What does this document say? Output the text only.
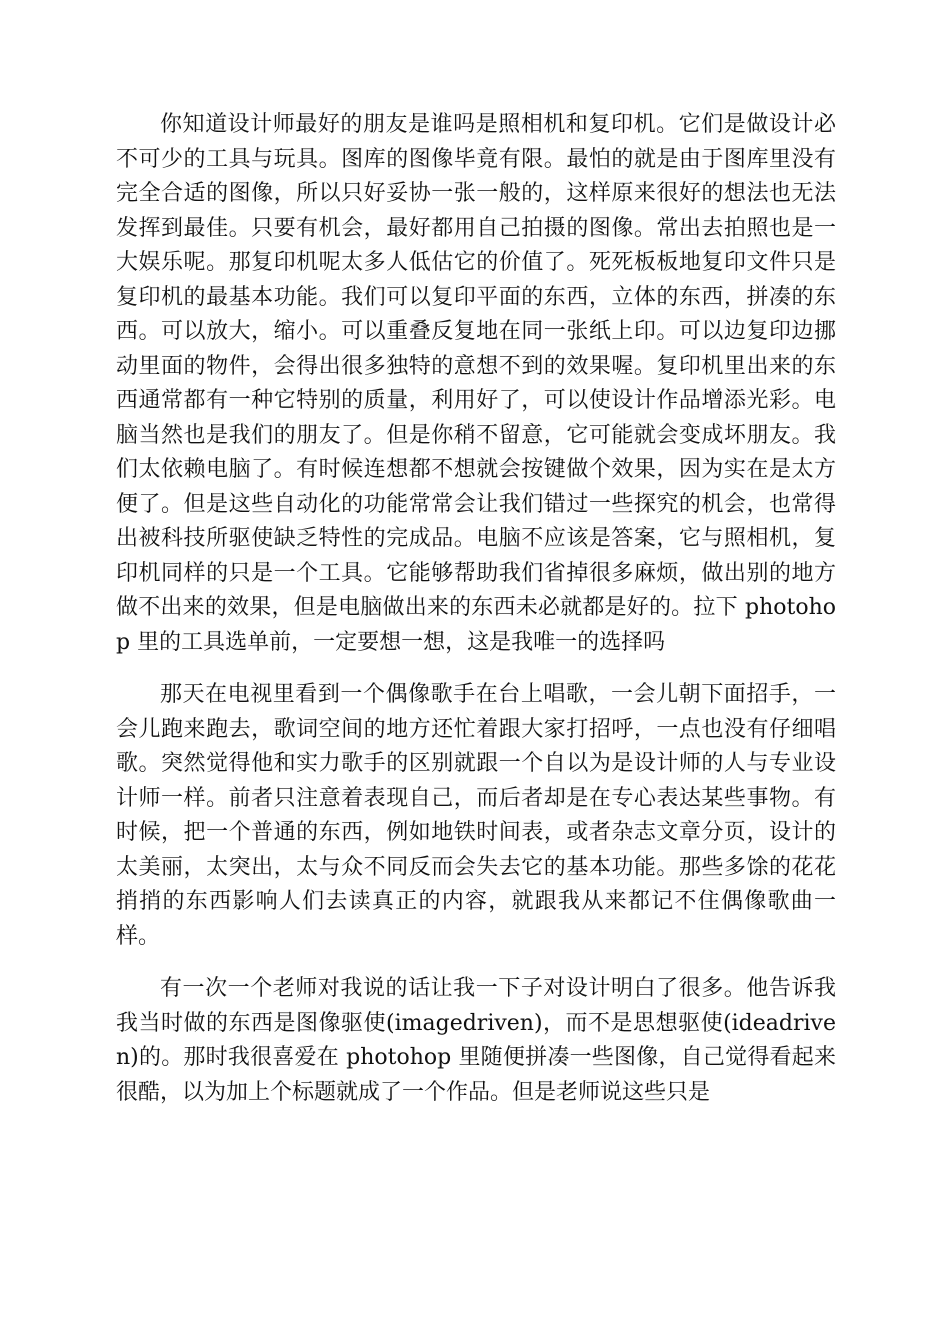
你知道设计师最好的朋友是谁吗是照相机和复印机。它们是做设计必不可少的工具与玩具。图库的图像毕竟有限。最怕的就是由于图库里没有完全合适的图像，所以只好妥协一张一般的，这样原来很好的想法也无法发挥到最佳。只要有机会，最好都用自己拍摄的图像。常出去拍照也是一大娱乐呢。那复印机呢太多人低估它的价值了。死死板板地复印文件只是复印机的最基本功能。我们可以复印平面的东西，立体的东西，拼凑的东西。可以放大，缩小。可以重叠反复地在同一张纸上印。可以边复印边挪动里面的物件，会得出很多独特的意想不到的效果喔。复印机里出来的东西通常都有一种它特别的质量，利用好了，可以使设计作品增添光彩。电脑当然也是我们的朋友了。但是你稍不留意，它可能就会变成坏朋友。我们太依赖电脑了。有时候连想都不想就会按键做个效果，因为实在是太方便了。但是这些自动化的功能常常会让我们错过一些探究的机会，也常得出被科技所驱使缺乏特性的完成品。电脑不应该是答案，它与照相机，复印机同样的只是一个工具。它能够帮助我们省掉很多麻烦，做出别的地方做不出来的效果，但是电脑做出来的东西未必就都是好的。拉下 photohop 里的工具选单前，一定要想一想，这是我唯一的选择吗

那天在电视里看到一个偶像歌手在台上唱歌，一会儿朝下面招手，一会儿跑来跑去，歌词空间的地方还忙着跟大家打招呼，一点也没有仔细唱歌。突然觉得他和实力歌手的区别就跟一个自以为是设计师的人与专业设计师一样。前者只注意着表现自己，而后者却是在专心表达某些事物。有时候，把一个普通的东西，例如地铁时间表，或者杂志文章分页，设计的太美丽，太突出，太与众不同反而会失去它的基本功能。那些多馀的花花捎捎的东西影响人们去读真正的内容，就跟我从来都记不住偶像歌曲一样。

有一次一个老师对我说的话让我一下子对设计明白了很多。他告诉我我当时做的东西是图像驱使(imagedriven)，而不是思想驱使(ideadriven)的。那时我很喜爱在 photohop 里随便拼凑一些图像，自己觉得看起来很酷，以为加上个标题就成了一个作品。但是老师说这些只是
